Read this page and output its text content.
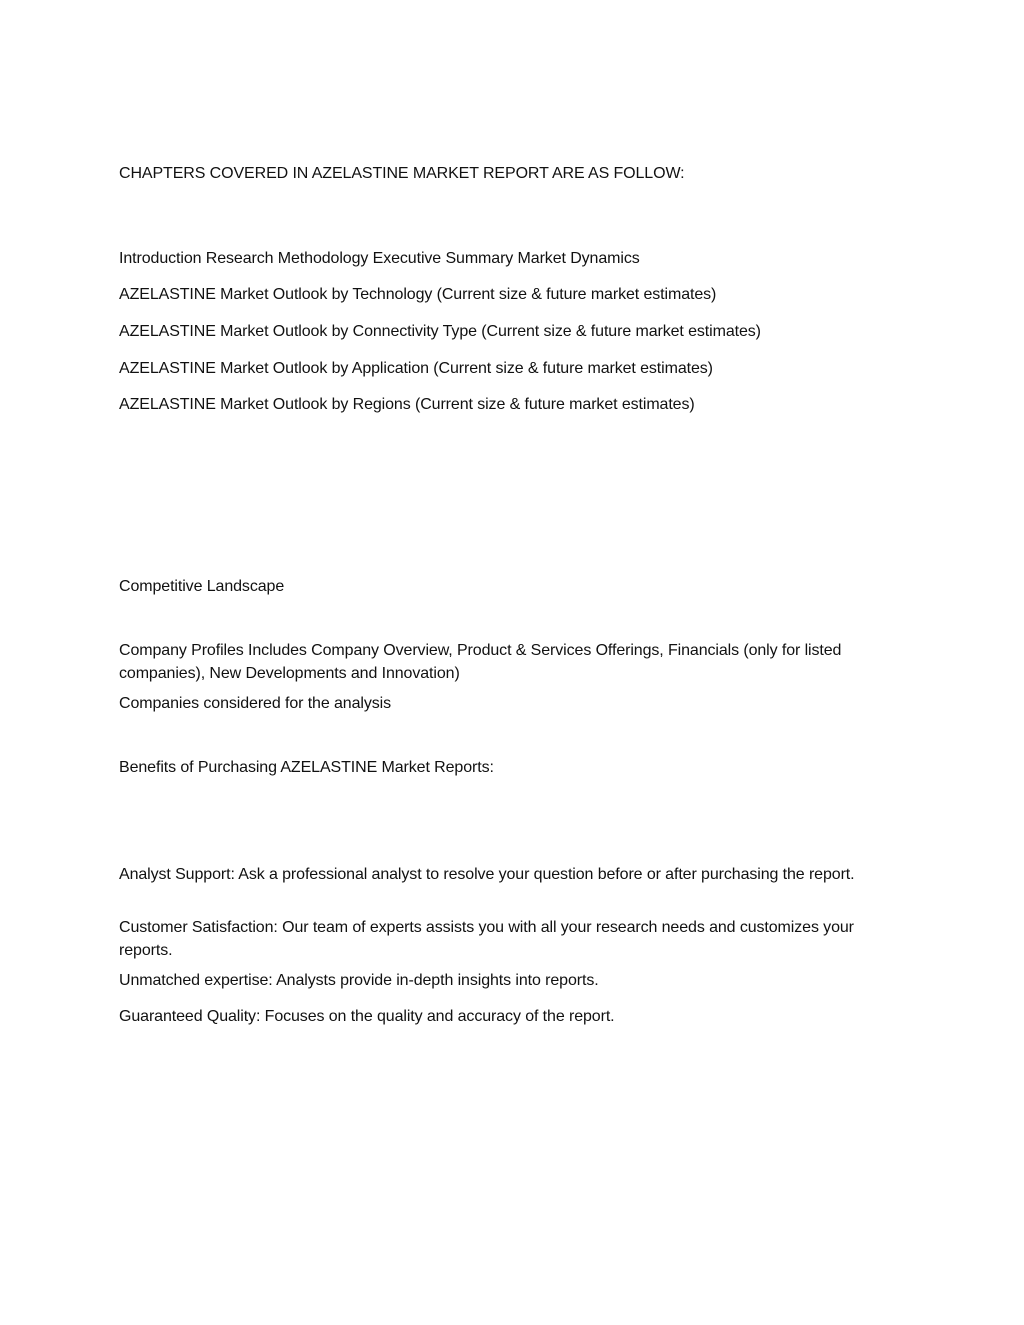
CHAPTERS COVERED IN AZELASTINE MARKET REPORT ARE AS FOLLOW:
Introduction Research Methodology Executive Summary Market Dynamics
AZELASTINE Market Outlook by Technology (Current size & future market estimates)
AZELASTINE Market Outlook by Connectivity Type (Current size & future market estimates)
AZELASTINE Market Outlook by Application (Current size & future market estimates)
AZELASTINE Market Outlook by Regions (Current size & future market estimates)
Competitive Landscape
Company Profiles Includes Company Overview, Product & Services Offerings, Financials (only for listed companies), New Developments and Innovation)
Companies considered for the analysis
Benefits of Purchasing AZELASTINE Market Reports:
Analyst Support: Ask a professional analyst to resolve your question before or after purchasing the report.
Customer Satisfaction: Our team of experts assists you with all your research needs and customizes your reports.
Unmatched expertise: Analysts provide in-depth insights into reports.
Guaranteed Quality: Focuses on the quality and accuracy of the report.
